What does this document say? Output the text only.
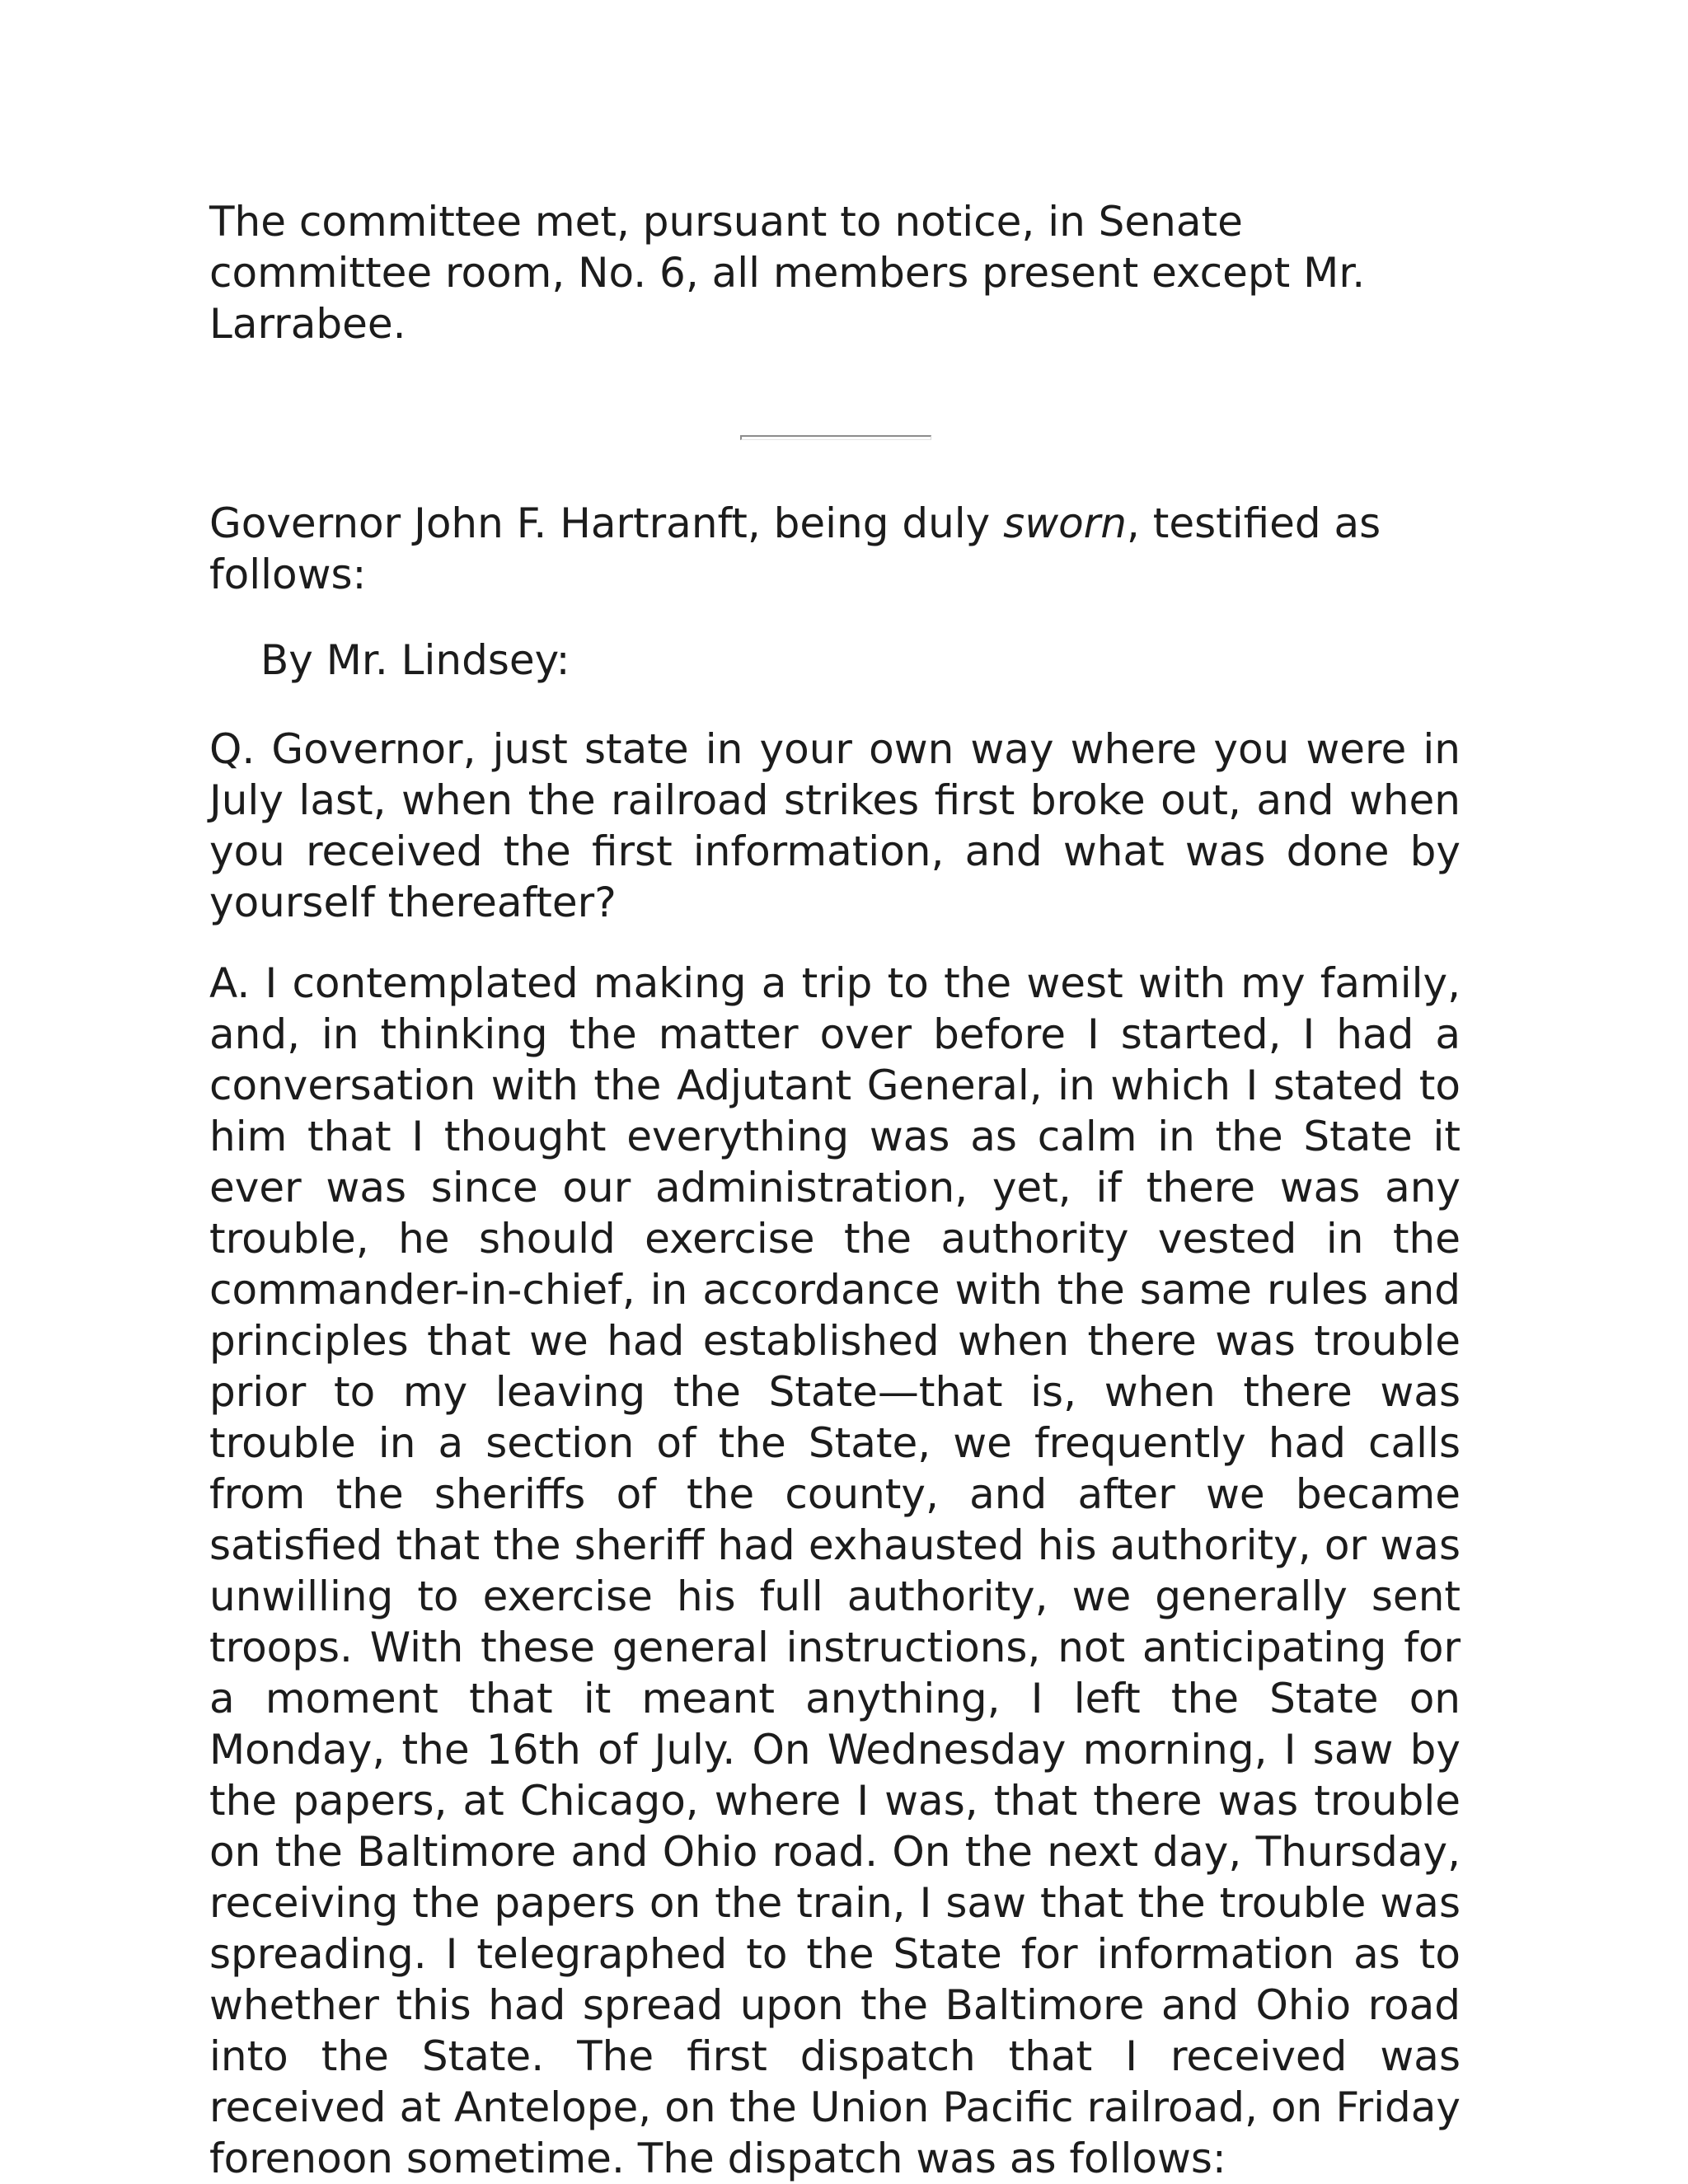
The committee met, pursuant to notice, in Senate committee room, No. 6, all members present except Mr. Larrabee.

Governor John F. Hartranft, being duly sworn, testified as follows:

By Mr. Lindsey:

Q. Governor, just state in your own way where you were in July last, when the railroad strikes first broke out, and when you received the first information, and what was done by yourself thereafter?

A. I contemplated making a trip to the west with my family, and, in thinking the matter over before I started, I had a conversation with the Adjutant General, in which I stated to him that I thought everything was as calm in the State it ever was since our administration, yet, if there was any trouble, he should exercise the authority vested in the commander-in-chief, in accordance with the same rules and principles that we had established when there was trouble prior to my leaving the State—that is, when there was trouble in a section of the State, we frequently had calls from the sheriffs of the county, and after we became satisfied that the sheriff had exhausted his authority, or was unwilling to exercise his full authority, we generally sent troops. With these general instructions, not anticipating for a moment that it meant anything, I left the State on Monday, the 16th of July. On Wednesday morning, I saw by the papers, at Chicago, where I was, that there was trouble on the Baltimore and Ohio road. On the next day, Thursday, receiving the papers on the train, I saw that the trouble was spreading. I telegraphed to the State for information as to whether this had spread upon the Baltimore and Ohio road into the State. The first dispatch that I received was received at Antelope, on the Union Pacific railroad, on Friday forenoon sometime. The dispatch was as follows:
